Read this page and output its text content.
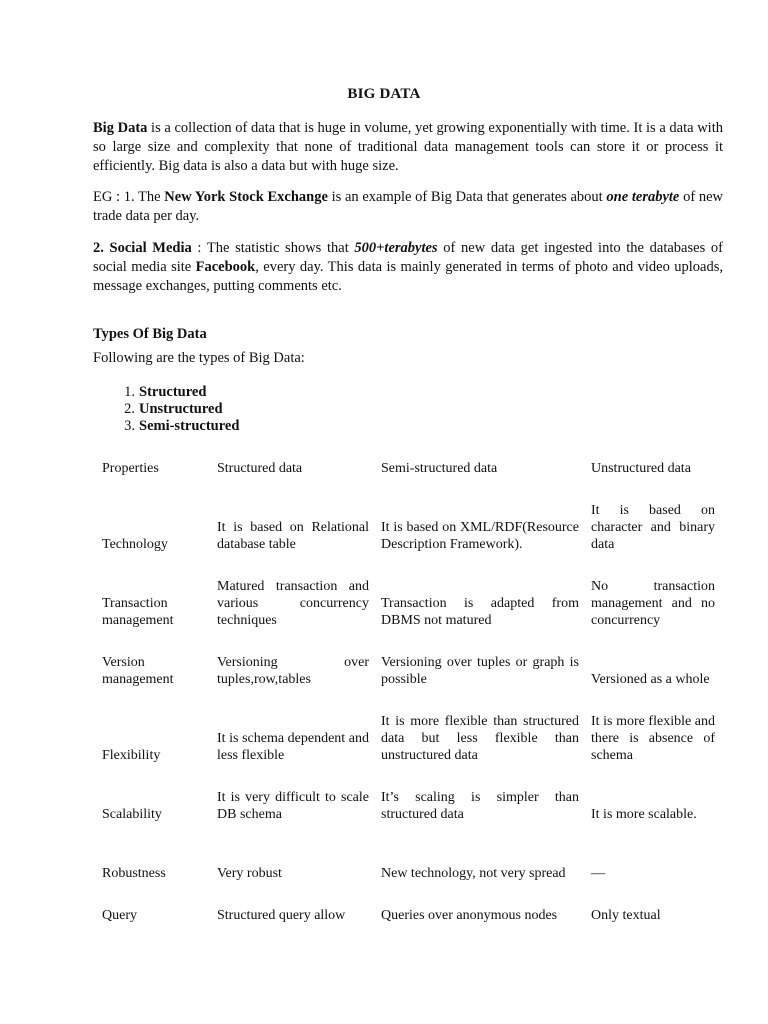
BIG DATA

Big Data is a collection of data that is huge in volume, yet growing exponentially with time. It is a data with so large size and complexity that none of traditional data management tools can store it or process it efficiently. Big data is also a data but with huge size.

EG : 1. The New York Stock Exchange is an example of Big Data that generates about one terabyte of new trade data per day.

2. Social Media : The statistic shows that 500+terabytes of new data get ingested into the databases of social media site Facebook, every day. This data is mainly generated in terms of photo and video uploads, message exchanges, putting comments etc.

Types Of Big Data
Following are the types of Big Data:
1. Structured
2. Unstructured
3. Semi-structured
Properties	Structured data	Semi-structured data	Unstructured data
Technology	It is based on Relational database table	It is based on XML/RDF(Resource Description Framework).	It is based on character and binary data
Transaction management	Matured transaction and various concurrency techniques	Transaction is adapted from DBMS not matured	No transaction management and no concurrency
Version management	Versioning over tuples,row,tables	Versioning over tuples or graph is possible	Versioned as a whole
Flexibility	It is schema dependent and less flexible	It is more flexible than structured data but less flexible than unstructured data	It is more flexible and there is absence of schema
Scalability	It is very difficult to scale DB schema	It’s scaling is simpler than structured data	It is more scalable.
Robustness	Very robust	New technology, not very spread	—
Query	Structured query allow	Queries over anonymous nodes	Only textual
